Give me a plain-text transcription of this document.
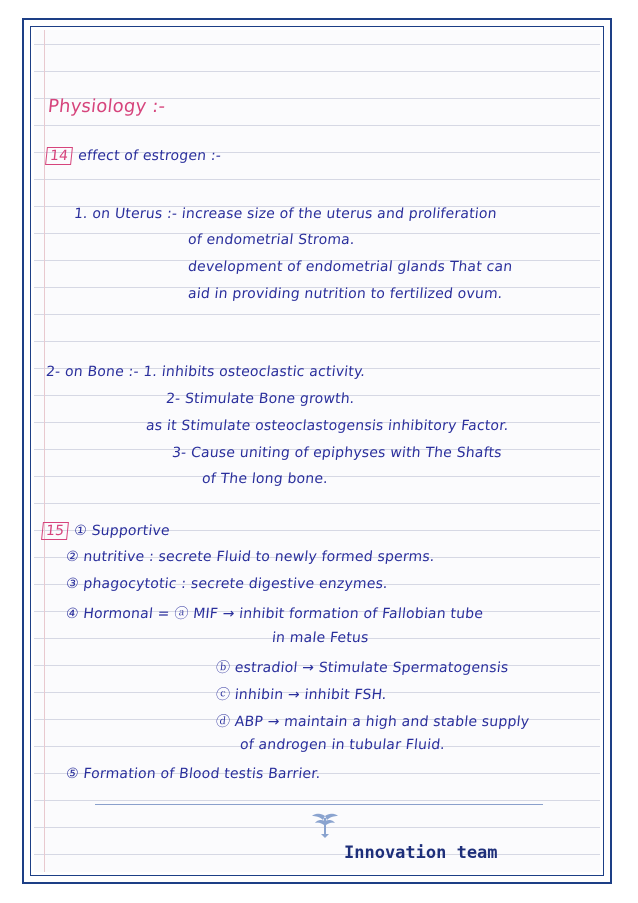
Physiology :-
14 effect of estrogen :-
1. on Uterus :- increase size of the uterus and proliferation
of endometrial Stroma.
development of endometrial glands That can
aid in providing nutrition to fertilized ovum.
2- on Bone :- 1. inhibits osteoclastic activity.
2- Stimulate Bone growth.
as it Stimulate osteoclastogensis inhibitory Factor.
3- Cause uniting of epiphyses with The Shafts
of The long bone.
15 ① Supportive
② nutritive : secrete Fluid to newly formed sperms.
③ phagocytotic : secrete digestive enzymes.
④ Hormonal = ⓐ MIF → inhibit formation of Fallobian tube
in male Fetus
ⓑ estradiol → Stimulate Spermatogensis
ⓒ inhibin → inhibit FSH.
ⓓ ABP → maintain a high and stable supply
of androgen in tubular Fluid.
⑤ Formation of Blood testis Barrier.
Innovation team
